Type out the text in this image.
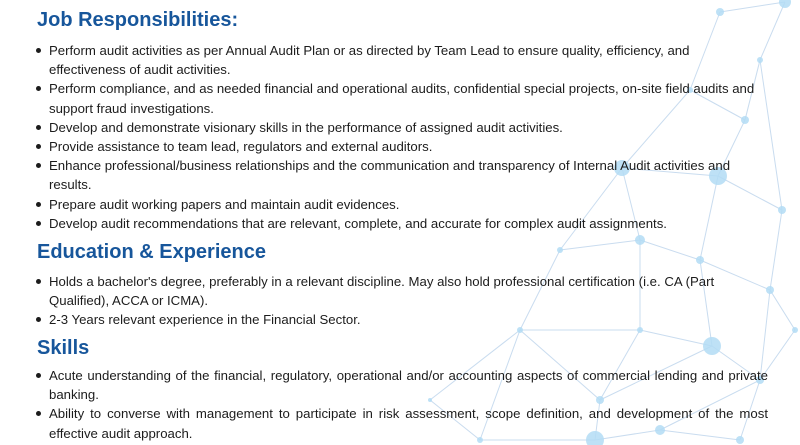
Job Responsibilities:
Perform audit activities as per Annual Audit Plan or as directed by Team Lead to ensure quality, efficiency, and effectiveness of audit activities.
Perform compliance, and as needed financial and operational audits, confidential special projects, on-site field audits and support fraud investigations.
Develop and demonstrate visionary skills in the performance of assigned audit activities.
Provide assistance to team lead, regulators and external auditors.
Enhance professional/business relationships and the communication and transparency of Internal Audit activities and results.
Prepare audit working papers and maintain audit evidences.
Develop audit recommendations that are relevant, complete, and accurate for complex audit assignments.
Education & Experience
Holds a bachelor's degree, preferably in a relevant discipline. May also hold professional certification (i.e. CA (Part Qualified), ACCA or ICMA).
2-3 Years relevant experience in the Financial Sector.
Skills
Acute understanding of the financial, regulatory, operational and/or accounting aspects of commercial lending and private banking.
Ability to converse with management to participate in risk assessment, scope definition, and development of the most effective audit approach.
